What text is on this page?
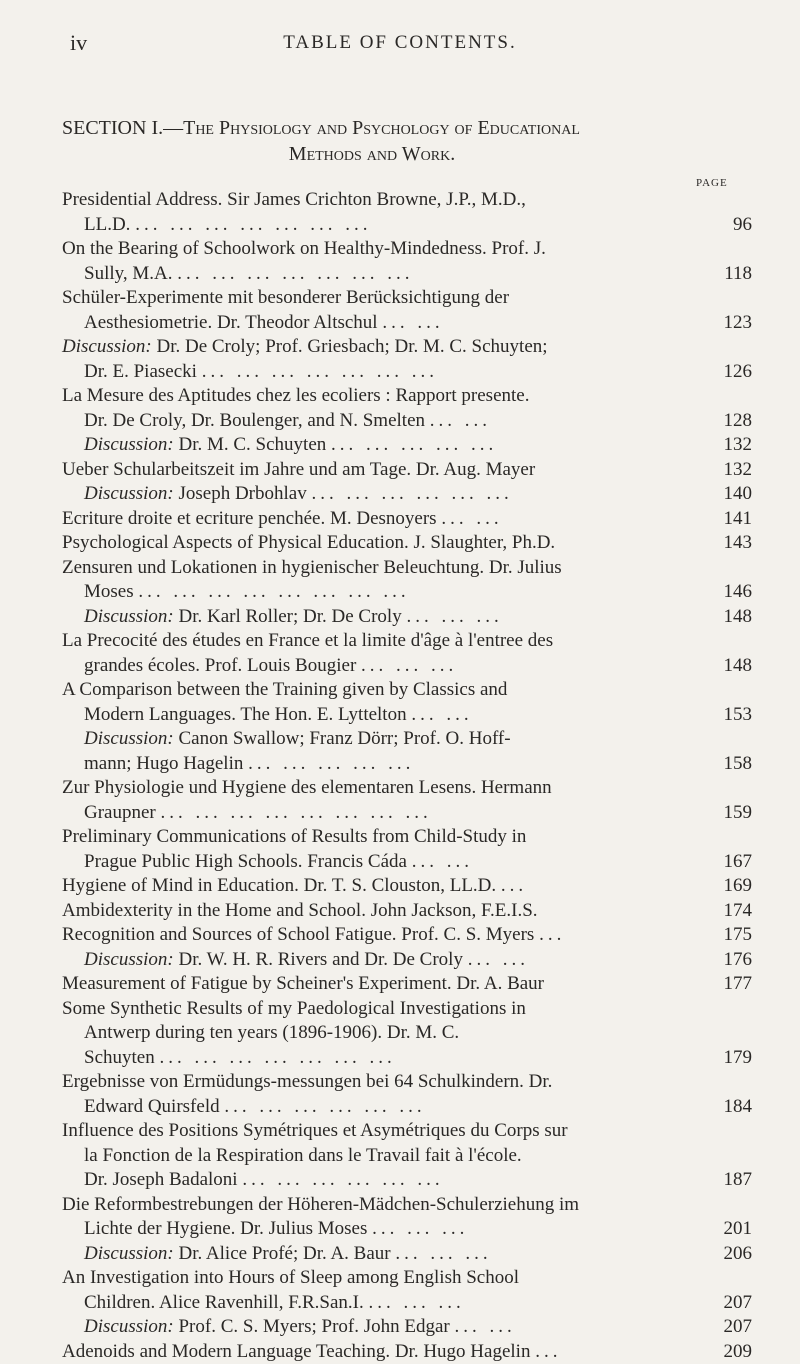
iv	TABLE OF CONTENTS.
SECTION I.—The Physiology and Psychology of Educational
Methods and Work.
PAGE
Presidential Address. Sir James Crichton Browne, J.P., M.D.,
LL.D. ... ... ... ... ... ... ...	96
On the Bearing of Schoolwork on Healthy-Mindedness. Prof. J.
Sully, M.A. ... ... ... ... ... ... ...	118
Schüler-Experimente mit besonderer Berücksichtigung der
Aesthesiometrie. Dr. Theodor Altschul ... ...	123
Discussion: Dr. De Croly; Prof. Griesbach; Dr. M. C. Schuyten;
Dr. E. Piasecki ... ... ... ... ... ... ...	126
La Mesure des Aptitudes chez les ecoliers : Rapport presente.
Dr. De Croly, Dr. Boulenger, and N. Smelten ... ...	128
Discussion: Dr. M. C. Schuyten ... ... ... ... ...	132
Ueber Schularbeitszeit im Jahre und am Tage. Dr. Aug. Mayer	132
Discussion: Joseph Drbohlav ... ... ... ... ... ...	140
Ecriture droite et ecriture penchée. M. Desnoyers ... ...	141
Psychological Aspects of Physical Education. J. Slaughter, Ph.D.	143
Zensuren und Lokationen in hygienischer Beleuchtung. Dr. Julius
Moses ... ... ... ... ... ... ... ...	146
Discussion: Dr. Karl Roller; Dr. De Croly ... ... ...	148
La Precocité des études en France et la limite d'âge à l'entree des
grandes écoles. Prof. Louis Bougier ... ... ...	148
A Comparison between the Training given by Classics and
Modern Languages. The Hon. E. Lyttelton ... ...	153
Discussion: Canon Swallow; Franz Dörr; Prof. O. Hoff-
mann; Hugo Hagelin ... ... ... ... ...	158
Zur Physiologie und Hygiene des elementaren Lesens. Hermann
Graupner ... ... ... ... ... ... ... ...	159
Preliminary Communications of Results from Child-Study in
Prague Public High Schools. Francis Cáda ... ...	167
Hygiene of Mind in Education. Dr. T. S. Clouston, LL.D. ...	169
Ambidexterity in the Home and School. John Jackson, F.E.I.S.	174
Recognition and Sources of School Fatigue. Prof. C. S. Myers ...	175
Discussion: Dr. W. H. R. Rivers and Dr. De Croly ... ...	176
Measurement of Fatigue by Scheiner's Experiment. Dr. A. Baur	177
Some Synthetic Results of my Paedological Investigations in
Antwerp during ten years (1896-1906). Dr. M. C.
Schuyten ... ... ... ... ... ... ...	179
Ergebnisse von Ermüdungs-messungen bei 64 Schulkindern. Dr.
Edward Quirsfeld ... ... ... ... ... ...	184
Influence des Positions Symétriques et Asymétriques du Corps sur
la Fonction de la Respiration dans le Travail fait à l'école.
Dr. Joseph Badaloni ... ... ... ... ... ...	187
Die Reformbestrebungen der Höheren-Mädchen-Schulerziehung im
Lichte der Hygiene. Dr. Julius Moses ... ... ...	201
Discussion: Dr. Alice Profé; Dr. A. Baur ... ... ...	206
An Investigation into Hours of Sleep among English School
Children. Alice Ravenhill, F.R.San.I. ... ... ...	207
Discussion: Prof. C. S. Myers; Prof. John Edgar ... ...	207
Adenoids and Modern Language Teaching. Dr. Hugo Hagelin ...	209
